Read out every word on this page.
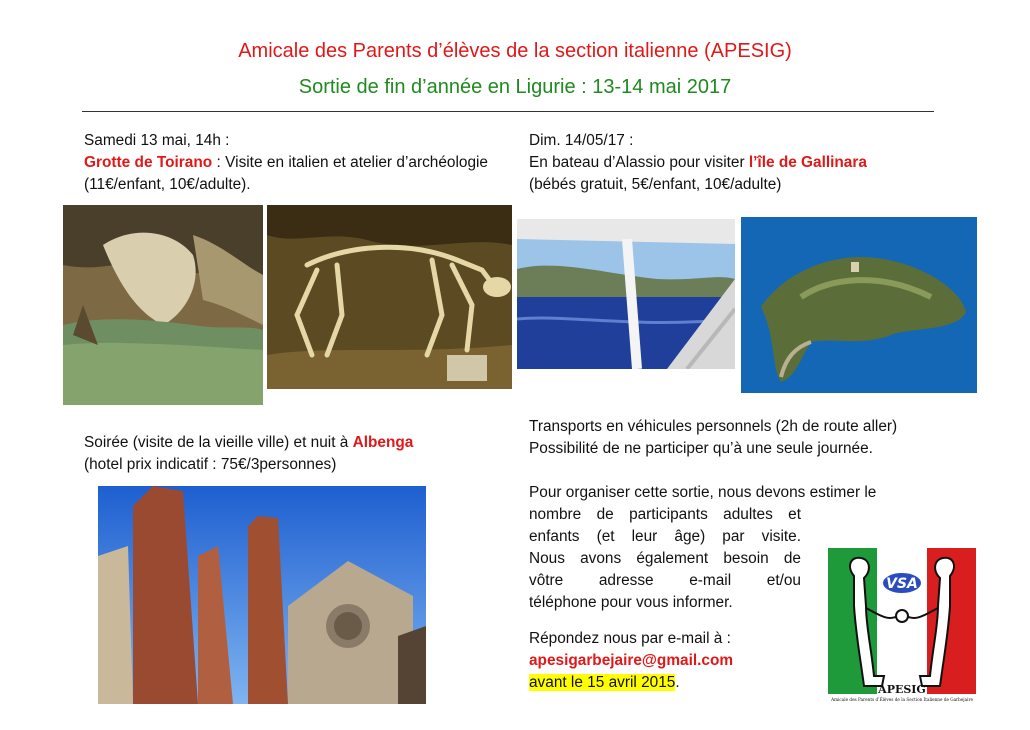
Amicale des Parents d’élèves de la section italienne (APESIG)
Sortie de fin d’année en Ligurie : 13-14 mai 2017
Samedi 13 mai, 14h :
Grotte de Toirano : Visite en italien et atelier d’archéologie (11€/enfant, 10€/adulte).
Dim. 14/05/17 :
En bateau d’Alassio pour visiter l’île de Gallinara
(bébés gratuit, 5€/enfant, 10€/adulte)
Soirée (visite de la vieille ville) et nuit à Albenga
(hotel prix indicatif : 75€/3personnes)
Transports en véhicules personnels (2h de route aller)
Possibilité de ne participer qu’à une seule journée.
Pour organiser cette sortie, nous devons estimer le
nombre de participants adultes et
enfants (et leur âge) par visite.
Nous avons également besoin de
vôtre adresse e-mail et/ou
téléphone pour vous informer.
Répondez nous par e-mail à :
apesigarbejaire@gmail.com
avant le 15 avril 2015.
VSA
APESIG
Amicale des Parents d’Élèves de la Section Italienne de Garbejaire
